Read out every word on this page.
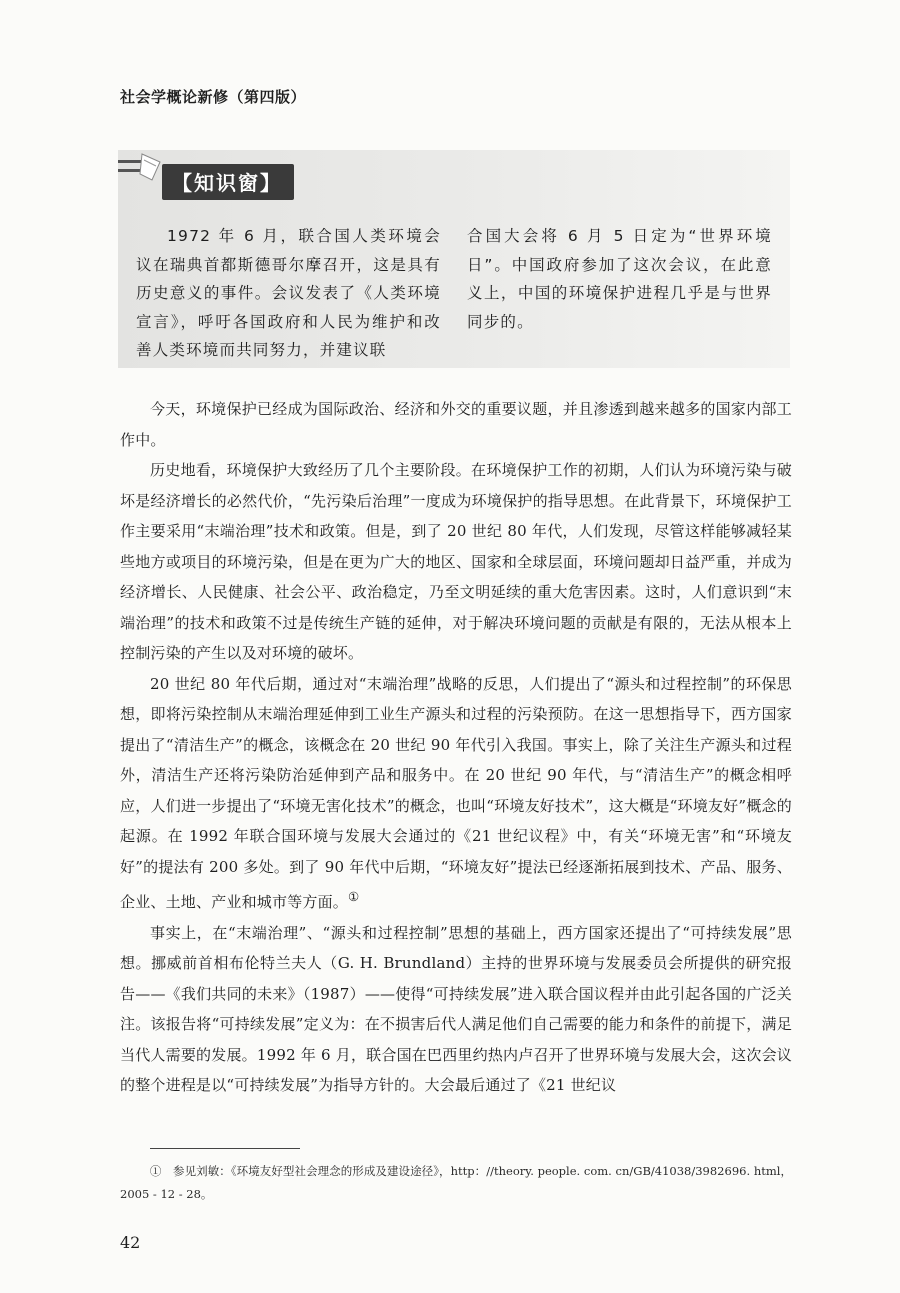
社会学概论新修（第四版）

【知识窗】

1972 年 6 月，联合国人类环境会议在瑞典首都斯德哥尔摩召开，这是具有历史意义的事件。会议发表了《人类环境宣言》，呼吁各国政府和人民为维护和改善人类环境而共同努力，并建议联

合国大会将 6 月 5 日定为“世界环境日”。中国政府参加了这次会议，在此意义上，中国的环境保护进程几乎是与世界同步的。

今天，环境保护已经成为国际政治、经济和外交的重要议题，并且渗透到越来越多的国家内部工作中。

历史地看，环境保护大致经历了几个主要阶段。在环境保护工作的初期，人们认为环境污染与破坏是经济增长的必然代价，“先污染后治理”一度成为环境保护的指导思想。在此背景下，环境保护工作主要采用“末端治理”技术和政策。但是，到了 20 世纪 80 年代，人们发现，尽管这样能够减轻某些地方或项目的环境污染，但是在更为广大的地区、国家和全球层面，环境问题却日益严重，并成为经济增长、人民健康、社会公平、政治稳定，乃至文明延续的重大危害因素。这时，人们意识到“末端治理”的技术和政策不过是传统生产链的延伸，对于解决环境问题的贡献是有限的，无法从根本上控制污染的产生以及对环境的破坏。

20 世纪 80 年代后期，通过对“末端治理”战略的反思，人们提出了“源头和过程控制”的环保思想，即将污染控制从末端治理延伸到工业生产源头和过程的污染预防。在这一思想指导下，西方国家提出了“清洁生产”的概念，该概念在 20 世纪 90 年代引入我国。事实上，除了关注生产源头和过程外，清洁生产还将污染防治延伸到产品和服务中。在 20 世纪 90 年代，与“清洁生产”的概念相呼应，人们进一步提出了“环境无害化技术”的概念，也叫“环境友好技术”，这大概是“环境友好”概念的起源。在 1992 年联合国环境与发展大会通过的《21 世纪议程》中，有关“环境无害”和“环境友好”的提法有 200 多处。到了 90 年代中后期，“环境友好”提法已经逐渐拓展到技术、产品、服务、企业、土地、产业和城市等方面。①

事实上，在“末端治理”、“源头和过程控制”思想的基础上，西方国家还提出了“可持续发展”思想。挪威前首相布伦特兰夫人（G. H. Brundland）主持的世界环境与发展委员会所提供的研究报告——《我们共同的未来》（1987）——使得“可持续发展”进入联合国议程并由此引起各国的广泛关注。该报告将“可持续发展”定义为：在不损害后代人满足他们自己需要的能力和条件的前提下，满足当代人需要的发展。1992 年 6 月，联合国在巴西里约热内卢召开了世界环境与发展大会，这次会议的整个进程是以“可持续发展”为指导方针的。大会最后通过了《21 世纪议

①　参见刘敏：《环境友好型社会理念的形成及建设途径》，http：//theory. people. com. cn/GB/41038/3982696. html，2005 - 12 - 28。

42
